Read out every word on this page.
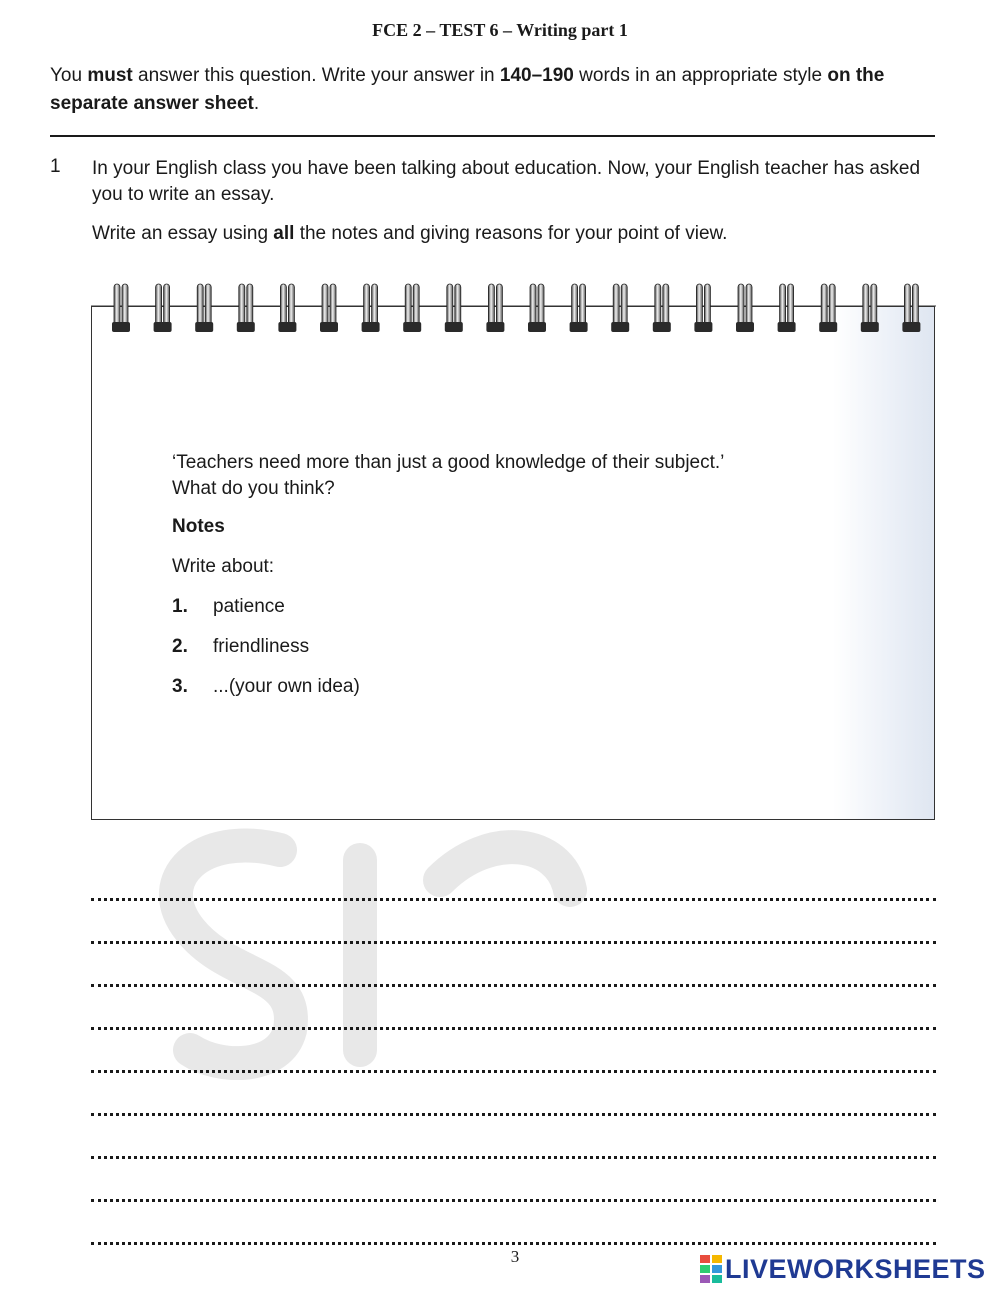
FCE 2 – TEST 6 – Writing part 1
You must answer this question. Write your answer in 140–190 words in an appropriate style on the separate answer sheet.
1 In your English class you have been talking about education. Now, your English teacher has asked you to write an essay.
Write an essay using all the notes and giving reasons for your point of view.
‘Teachers need more than just a good knowledge of their subject.’
What do you think?
Notes
Write about:
1. patience
2. friendliness
3. ...(your own idea)
3	LIVEWORKSHEETS
